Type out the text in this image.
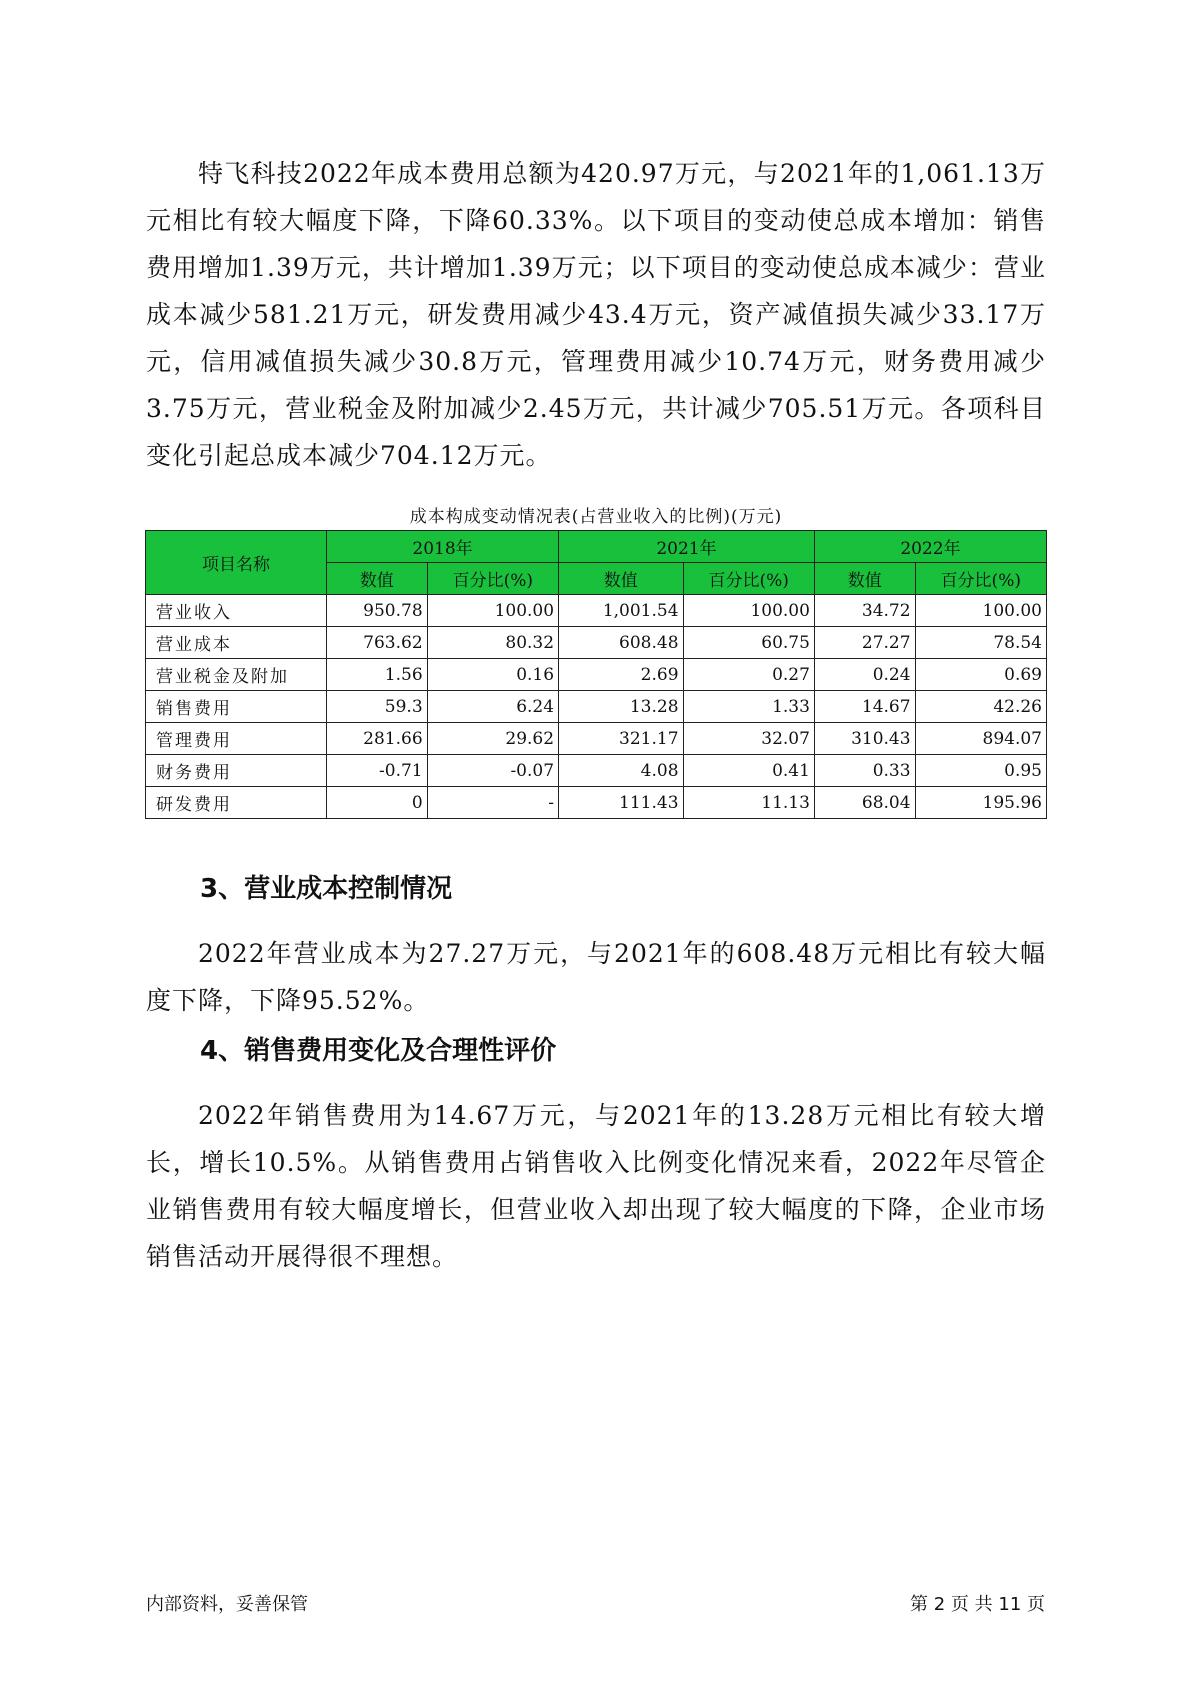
特飞科技2022年成本费用总额为420.97万元，与2021年的1,061.13万元相比有较大幅度下降，下降60.33%。以下项目的变动使总成本增加：销售费用增加1.39万元，共计增加1.39万元；以下项目的变动使总成本减少：营业成本减少581.21万元，研发费用减少43.4万元，资产减值损失减少33.17万元，信用减值损失减少30.8万元，管理费用减少10.74万元，财务费用减少3.75万元，营业税金及附加减少2.45万元，共计减少705.51万元。各项科目变化引起总成本减少704.12万元。

成本构成变动情况表(占营业收入的比例)(万元)
项目名称	2018年		2021年		2022年	
	数值	百分比(%)	数值	百分比(%)	数值	百分比(%)
营业收入	950.78	100.00	1,001.54	100.00	34.72	100.00
营业成本	763.62	80.32	608.48	60.75	27.27	78.54
营业税金及附加	1.56	0.16	2.69	0.27	0.24	0.69
销售费用	59.3	6.24	13.28	1.33	14.67	42.26
管理费用	281.66	29.62	321.17	32.07	310.43	894.07
财务费用	-0.71	-0.07	4.08	0.41	0.33	0.95
研发费用	0	-	111.43	11.13	68.04	195.96
3、营业成本控制情况

2022年营业成本为27.27万元，与2021年的608.48万元相比有较大幅度下降，下降95.52%。

4、销售费用变化及合理性评价

2022年销售费用为14.67万元，与2021年的13.28万元相比有较大增长，增长10.5%。从销售费用占销售收入比例变化情况来看，2022年尽管企业销售费用有较大幅度增长，但营业收入却出现了较大幅度的下降，企业市场销售活动开展得很不理想。

内部资料，妥善保管	第 2 页 共 11 页
